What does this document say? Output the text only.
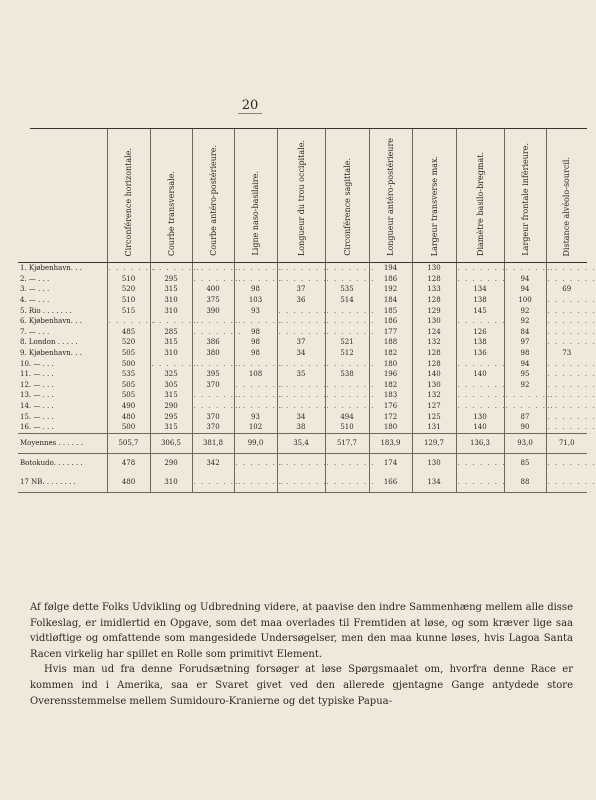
20

	Circonférence horizontale.	Courbe transversale.	Courbe antéro-postérieure.	Ligne naso-basilaire.	Longueur du trou occipitale.	Circonférence sagittale.	Longueur antéro-postérieure	Largeur transverse max.	Diamètre basilo-bregmat.	Largeur frontale inférieure.	Distance alvéolo-sourcil.

1. Kjøbenhavn. . .	. . . . . . .	. . . . . . .	. . . . . . .	. . . . . . .	. . . . . . .	. . . . . . .	194	130	. . . . . . .	. . . . . . .	. . . . . . .
2. — . . .	510	295	. . . . . . .	. . . . . . .	. . . . . . .	. . . . . . .	186	128	. . . . . . .	94	. . . . . . .
3. — . . .	520	315	400	98	37	535	192	133	134	94	69
4. — . . .	510	310	375	103	36	514	184	128	138	100	. . . . . . .
5. Rio . . . . . . .	515	310	390	93	. . . . . . .	. . . . . . .	185	129	145	92	. . . . . . .
6. Kjøbenhavn. . .	. . . . . . .	. . . . . . .	. . . . . . .	. . . . . . .	. . . . . . .	. . . . . . .	186	130	. . . . . . .	92	. . . . . . .
7. — . . .	485	285	. . . . . . .	98	. . . . . . .	. . . . . . .	177	124	126	84	. . . . . . .
8. London . . . . .	520	315	386	98	37	521	188	132	138	97	. . . . . . .
9. Kjøbenhavn. . .	505	310	380	98	34	512	182	128	136	98	73
10. — . . .	500	. . . . . . .	. . . . . . .	. . . . . . .	. . . . . . .	. . . . . . .	180	128	. . . . . . .	94	. . . . . . .
11. — . . .	535	325	395	108	35	538	196	140	140	95	. . . . . . .
12. — . . .	505	305	370	. . . . . . .	. . . . . . .	. . . . . . .	182	130	. . . . . . .	92	. . . . . . .
13. — . . .	505	315	. . . . . . .	. . . . . . .	. . . . . . .	. . . . . . .	183	132	. . . . . . .	. . . . . . .	. . . . . . .
14. — . . .	490	290	. . . . . . .	. . . . . . .	. . . . . . .	. . . . . . .	176	127	. . . . . . .	. . . . . . .	. . . . . . .
15. — . . .	480	295	370	93	34	494	172	125	130	87	. . . . . . .
16. — . . .	500	315	370	102	38	510	180	131	140	90	. . . . . . .
Moyennes . . . . . .	505,7	306,5	381,8	99,0	35,4	517,7	183,9	129,7	136,3	93,0	71,0
Botokudo. . . . . . .	478	290	342	. . . . . . .	. . . . . . .	. . . . . . .	174	130	. . . . . . .	85	. . . . . . .
17 NB. . . . . . . .	480	310	. . . . . . .	. . . . . . .	. . . . . . .	. . . . . . .	166	134	. . . . . . .	88	. . . . . . .

Af følge dette Folks Udvikling og Udbredning videre, at paavise den indre Sammenhæng mellem alle disse Folkeslag, er imidlertid en Opgave, som det maa overlades til Fremtiden at løse, og som kræver lige saa vidtløftige og omfattende som mangesidede Undersøgelser, men den maa kunne løses, hvis Lagoa Santa Racen virkelig har spillet en Rolle som primitivt Element.

Hvis man ud fra denne Forudsætning forsøger at løse Spørgsmaalet om, hvorfra denne Race er kommen ind i Amerika, saa er Svaret givet ved den allerede gjentagne Gange antydede store Overensstemmelse mellem Sumidouro-Kranierne og det typiske Papua-
